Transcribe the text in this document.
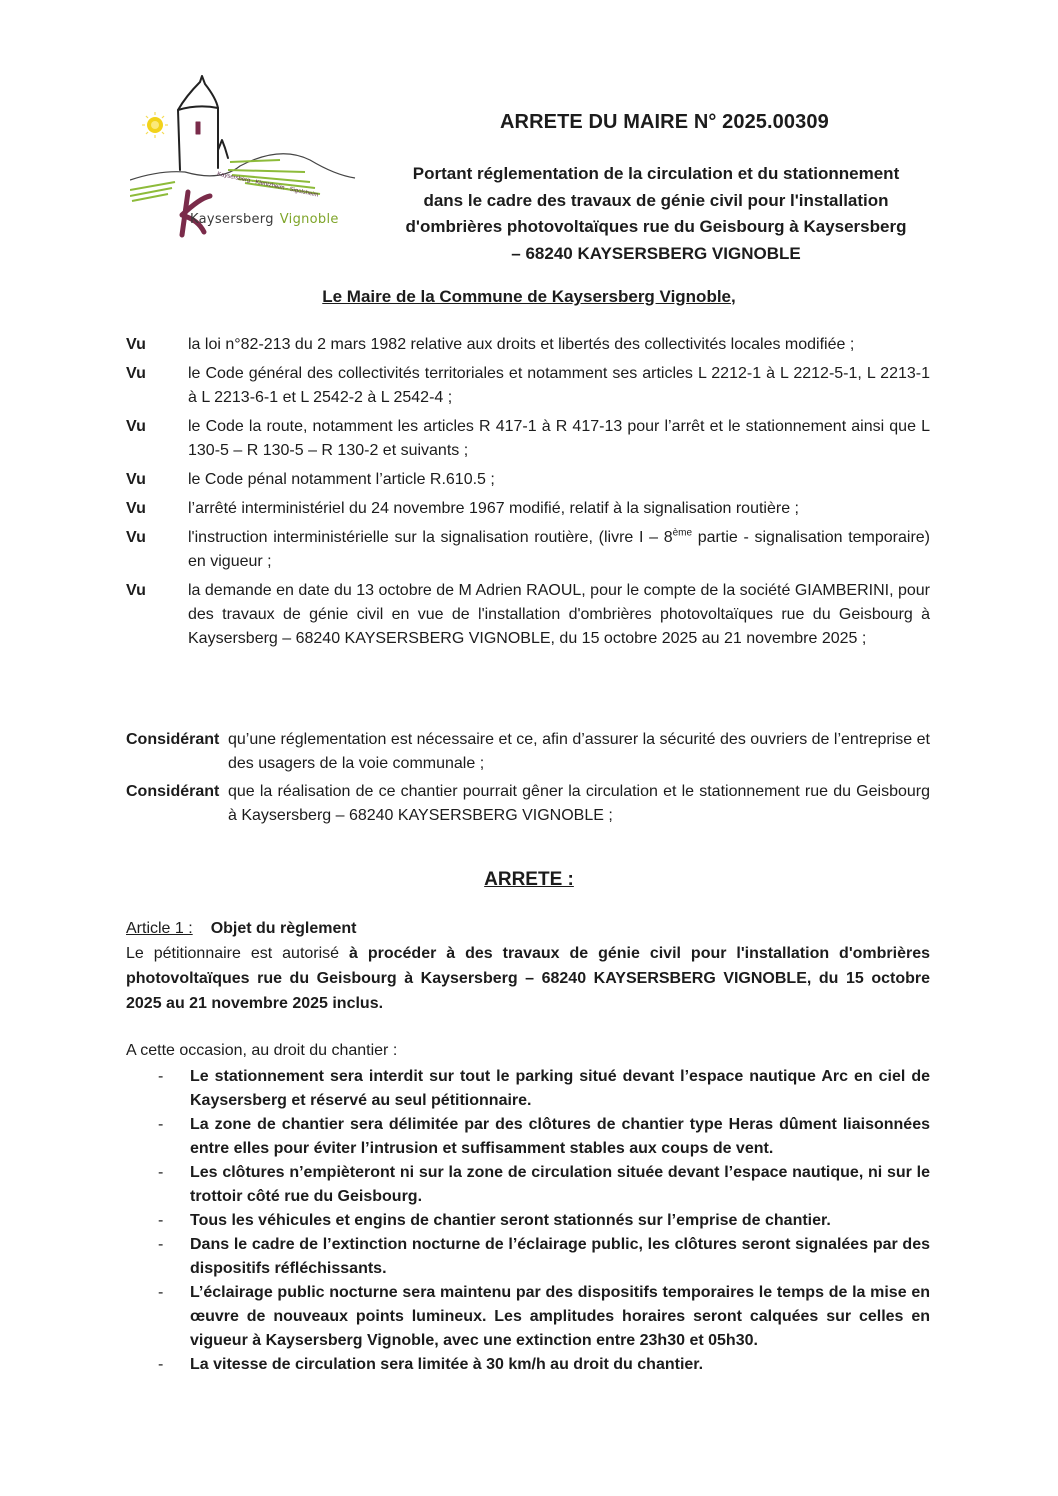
Kaysersberg · Kientzheim · Sigolsheim
Kaysersberg Vignoble
ARRETE DU MAIRE N° 2025.00309
Portant réglementation de la circulation et du stationnement
dans le cadre des travaux de génie civil pour l'installation
d'ombrières photovoltaïques rue du Geisbourg à Kaysersberg
– 68240 KAYSERSBERG VIGNOBLE
Le Maire de la Commune de Kaysersberg Vignoble,
Vu	la loi n°82-213 du 2 mars 1982 relative aux droits et libertés des collectivités locales modifiée ;
Vu	le Code général des collectivités territoriales et notamment ses articles L 2212-1 à L 2212-5-1, L 2213-1 à L 2213-6-1 et L 2542-2 à L 2542-4 ;
Vu	le Code la route, notamment les articles R 417-1 à R 417-13 pour l’arrêt et le stationnement ainsi que L 130-5 – R 130-5 – R 130-2 et suivants ;
Vu	le Code pénal notamment l’article R.610.5 ;
Vu	l’arrêté interministériel du 24 novembre 1967 modifié, relatif à la signalisation routière ;
Vu	l'instruction interministérielle sur la signalisation routière, (livre I – 8ème partie - signalisation temporaire) en vigueur ;
Vu	la demande en date du 13 octobre de M Adrien RAOUL, pour le compte de la société GIAMBERINI, pour des travaux de génie civil en vue de l'installation d'ombrières photovoltaïques rue du Geisbourg à Kaysersberg – 68240 KAYSERSBERG VIGNOBLE, du 15 octobre 2025 au 21 novembre 2025 ;
Considérant qu’une réglementation est nécessaire et ce, afin d’assurer la sécurité des ouvriers de l’entreprise et des usagers de la voie communale ;
Considérant que la réalisation de ce chantier pourrait gêner la circulation et le stationnement rue du Geisbourg à Kaysersberg – 68240 KAYSERSBERG VIGNOBLE ;
ARRETE :
Article 1 : Objet du règlement
Le pétitionnaire est autorisé à procéder à des travaux de génie civil pour l'installation d'ombrières photovoltaïques rue du Geisbourg à Kaysersberg – 68240 KAYSERSBERG VIGNOBLE, du 15 octobre 2025 au 21 novembre 2025 inclus.
A cette occasion, au droit du chantier :
-	Le stationnement sera interdit sur tout le parking situé devant l’espace nautique Arc en ciel de Kaysersberg et réservé au seul pétitionnaire.
-	La zone de chantier sera délimitée par des clôtures de chantier type Heras dûment liaisonnées entre elles pour éviter l’intrusion et suffisamment stables aux coups de vent.
-	Les clôtures n’empièteront ni sur la zone de circulation située devant l’espace nautique, ni sur le trottoir côté rue du Geisbourg.
-	Tous les véhicules et engins de chantier seront stationnés sur l’emprise de chantier.
-	Dans le cadre de l’extinction nocturne de l’éclairage public, les clôtures seront signalées par des dispositifs réfléchissants.
-	L’éclairage public nocturne sera maintenu par des dispositifs temporaires le temps de la mise en œuvre de nouveaux points lumineux. Les amplitudes horaires seront calquées sur celles en vigueur à Kaysersberg Vignoble, avec une extinction entre 23h30 et 05h30.
-	La vitesse de circulation sera limitée à 30 km/h au droit du chantier.
